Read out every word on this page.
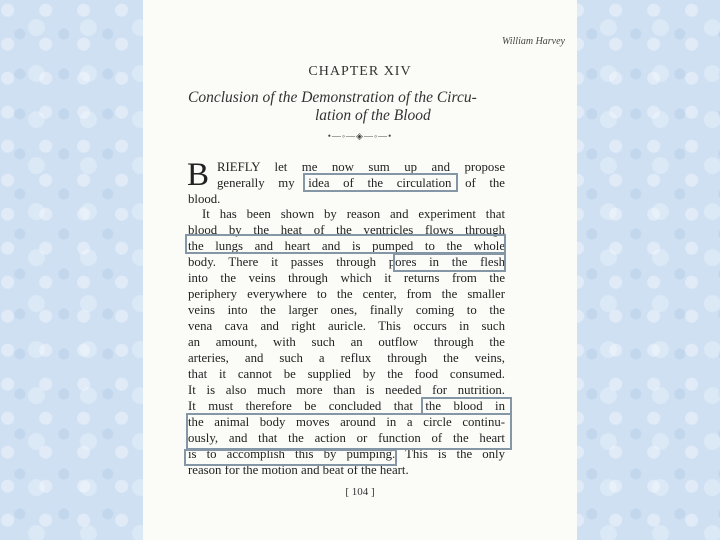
William Harvey
CHAPTER XIV
Conclusion of the Demonstration of the Circu-
lation of the Blood
•—◦—◈—◦—•
B RIEFLY let me now sum up and propose
generally my idea of the circulation of the
blood.
It has been shown by reason and experiment that
blood by the heat of the ventricles flows through
the lungs and heart and is pumped to the whole
body. There it passes through pores in the flesh
into the veins through which it returns from the
periphery everywhere to the center, from the smaller
veins into the larger ones, finally coming to the
vena cava and right auricle. This occurs in such
an amount, with such an outflow through the
arteries, and such a reflux through the veins,
that it cannot be supplied by the food consumed.
It is also much more than is needed for nutrition.
It must therefore be concluded that the blood in
the animal body moves around in a circle continu-
ously, and that the action or function of the heart
is to accomplish this by pumping. This is the only
reason for the motion and beat of the heart.
[ 104 ]
